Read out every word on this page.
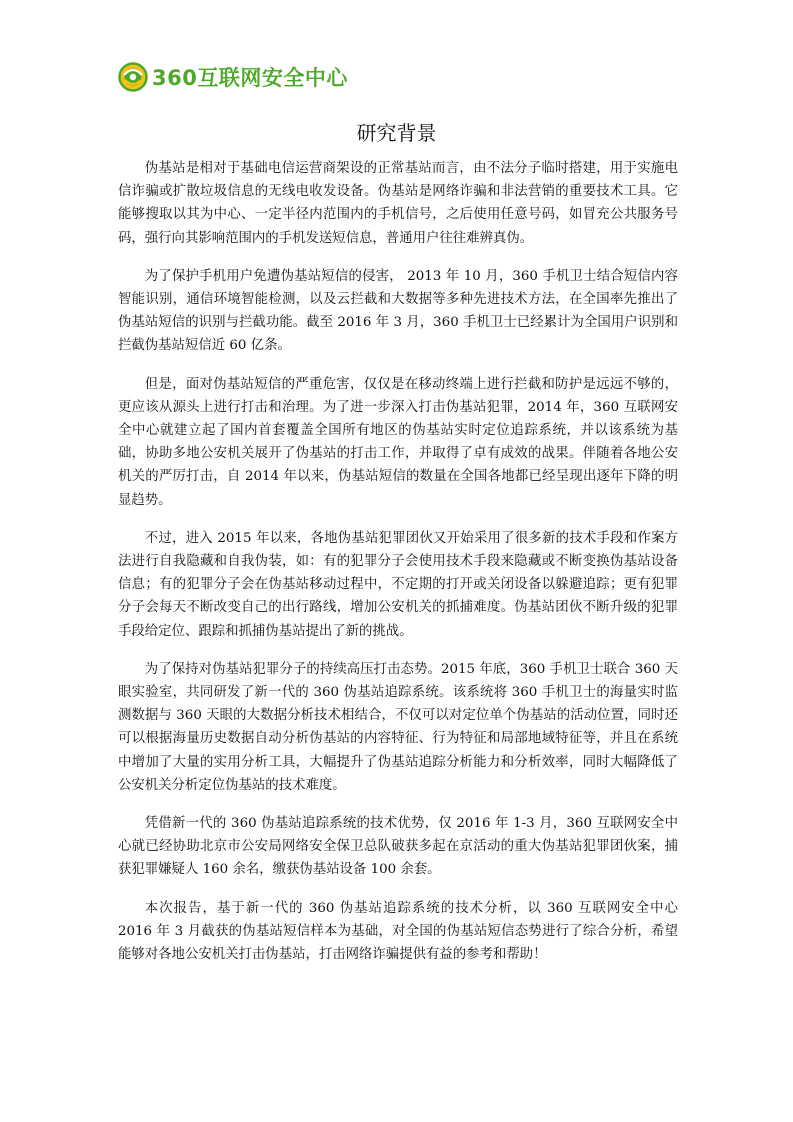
360互联网安全中心
研究背景

伪基站是相对于基础电信运营商架设的正常基站而言，由不法分子临时搭建，用于实施电信诈骗或扩散垃圾信息的无线电收发设备。伪基站是网络诈骗和非法营销的重要技术工具。它能够搜取以其为中心、一定半径内范围内的手机信号，之后使用任意号码，如冒充公共服务号码，强行向其影响范围内的手机发送短信息，普通用户往往难辨真伪。

为了保护手机用户免遭伪基站短信的侵害， 2013 年 10 月，360 手机卫士结合短信内容智能识别，通信环境智能检测，以及云拦截和大数据等多种先进技术方法，在全国率先推出了伪基站短信的识别与拦截功能。截至 2016 年 3 月，360 手机卫士已经累计为全国用户识别和拦截伪基站短信近 60 亿条。

但是，面对伪基站短信的严重危害，仅仅是在移动终端上进行拦截和防护是远远不够的，更应该从源头上进行打击和治理。为了进一步深入打击伪基站犯罪，2014 年，360 互联网安全中心就建立起了国内首套覆盖全国所有地区的伪基站实时定位追踪系统，并以该系统为基础，协助多地公安机关展开了伪基站的打击工作，并取得了卓有成效的战果。伴随着各地公安机关的严厉打击，自 2014 年以来，伪基站短信的数量在全国各地都已经呈现出逐年下降的明显趋势。

不过，进入 2015 年以来，各地伪基站犯罪团伙又开始采用了很多新的技术手段和作案方法进行自我隐藏和自我伪装，如：有的犯罪分子会使用技术手段来隐藏或不断变换伪基站设备信息；有的犯罪分子会在伪基站移动过程中，不定期的打开或关闭设备以躲避追踪；更有犯罪分子会每天不断改变自己的出行路线，增加公安机关的抓捕难度。伪基站团伙不断升级的犯罪手段给定位、跟踪和抓捕伪基站提出了新的挑战。

为了保持对伪基站犯罪分子的持续高压打击态势。2015 年底，360 手机卫士联合 360 天眼实验室，共同研发了新一代的 360 伪基站追踪系统。该系统将 360 手机卫士的海量实时监测数据与 360 天眼的大数据分析技术相结合，不仅可以对定位单个伪基站的活动位置，同时还可以根据海量历史数据自动分析伪基站的内容特征、行为特征和局部地域特征等，并且在系统中增加了大量的实用分析工具，大幅提升了伪基站追踪分析能力和分析效率，同时大幅降低了公安机关分析定位伪基站的技术难度。

凭借新一代的 360 伪基站追踪系统的技术优势，仅 2016 年 1-3 月，360 互联网安全中心就已经协助北京市公安局网络安全保卫总队破获多起在京活动的重大伪基站犯罪团伙案，捕获犯罪嫌疑人 160 余名，缴获伪基站设备 100 余套。

本次报告，基于新一代的 360 伪基站追踪系统的技术分析，以 360 互联网安全中心 2016 年 3 月截获的伪基站短信样本为基础，对全国的伪基站短信态势进行了综合分析，希望能够对各地公安机关打击伪基站，打击网络诈骗提供有益的参考和帮助！
